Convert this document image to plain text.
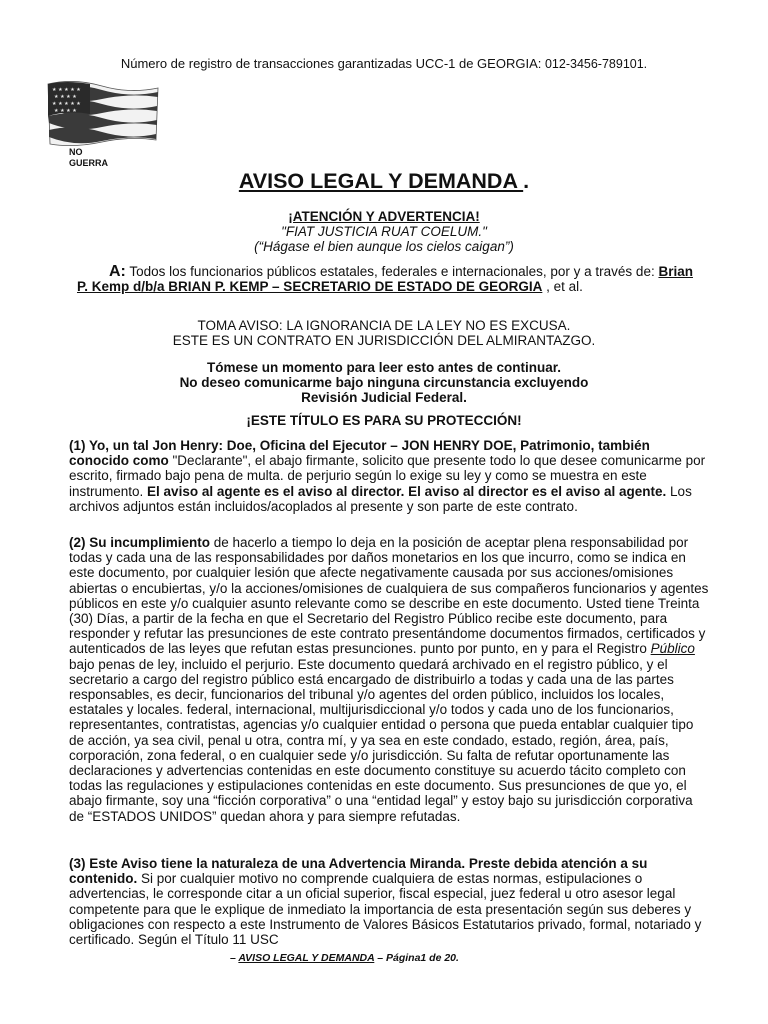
Número de registro de transacciones garantizadas UCC-1 de GEORGIA: 012-3456-789101.
★ ★ ★ ★ ★
★ ★ ★ ★
★ ★ ★ ★ ★
★ ★ ★ ★
NO
GUERRA
AVISO LEGAL Y DEMANDA .
¡ATENCIÓN Y ADVERTENCIA!
"FIAT JUSTICIA RUAT COELUM."
(“Hágase el bien aunque los cielos caigan”)
A: Todos los funcionarios públicos estatales, federales e internacionales, por y a través de: Brian P. Kemp d/b/a BRIAN P. KEMP – SECRETARIO DE ESTADO DE GEORGIA , et al.
TOMA AVISO: LA IGNORANCIA DE LA LEY NO ES EXCUSA.
ESTE ES UN CONTRATO EN JURISDICCIÓN DEL ALMIRANTAZGO.
Tómese un momento para leer esto antes de continuar.
No deseo comunicarme bajo ninguna circunstancia excluyendo
Revisión Judicial Federal.
¡ESTE TÍTULO ES PARA SU PROTECCIÓN!
(1) Yo, un tal Jon Henry: Doe, Oficina del Ejecutor – JON HENRY DOE, Patrimonio, también conocido como "Declarante", el abajo firmante, solicito que presente todo lo que desee comunicarme por escrito, firmado bajo pena de multa. de perjurio según lo exige su ley y como se muestra en este instrumento. El aviso al agente es el aviso al director. El aviso al director es el aviso al agente. Los archivos adjuntos están incluidos/acoplados al presente y son parte de este contrato.
(2) Su incumplimiento de hacerlo a tiempo lo deja en la posición de aceptar plena responsabilidad por todas y cada una de las responsabilidades por daños monetarios en los que incurro, como se indica en este documento, por cualquier lesión que afecte negativamente causada por sus acciones/omisiones abiertas o encubiertas, y/o la acciones/omisiones de cualquiera de sus compañeros funcionarios y agentes públicos en este y/o cualquier asunto relevante como se describe en este documento. Usted tiene Treinta (30) Días, a partir de la fecha en que el Secretario del Registro Público recibe este documento, para responder y refutar las presunciones de este contrato presentándome documentos firmados, certificados y autenticados de las leyes que refutan estas presunciones. punto por punto, en y para el Registro Público bajo penas de ley, incluido el perjurio. Este documento quedará archivado en el registro público, y el secretario a cargo del registro público está encargado de distribuirlo a todas y cada una de las partes responsables, es decir, funcionarios del tribunal y/o agentes del orden público, incluidos los locales, estatales y locales. federal, internacional, multijurisdiccional y/o todos y cada uno de los funcionarios, representantes, contratistas, agencias y/o cualquier entidad o persona que pueda entablar cualquier tipo de acción, ya sea civil, penal u otra, contra mí, y ya sea en este condado, estado, región, área, país, corporación, zona federal, o en cualquier sede y/o jurisdicción. Su falta de refutar oportunamente las declaraciones y advertencias contenidas en este documento constituye su acuerdo tácito completo con todas las regulaciones y estipulaciones contenidas en este documento. Sus presunciones de que yo, el abajo firmante, soy una “ficción corporativa” o una “entidad legal” y estoy bajo su jurisdicción corporativa de “ESTADOS UNIDOS” quedan ahora y para siempre refutadas.
(3) Este Aviso tiene la naturaleza de una Advertencia Miranda. Preste debida atención a su contenido. Si por cualquier motivo no comprende cualquiera de estas normas, estipulaciones o advertencias, le corresponde citar a un oficial superior, fiscal especial, juez federal u otro asesor legal competente para que le explique de inmediato la importancia de esta presentación según sus deberes y obligaciones con respecto a este Instrumento de Valores Básicos Estatutarios privado, formal, notariado y certificado. Según el Título 11 USC
– AVISO LEGAL Y DEMANDA – Página1 de 20.
